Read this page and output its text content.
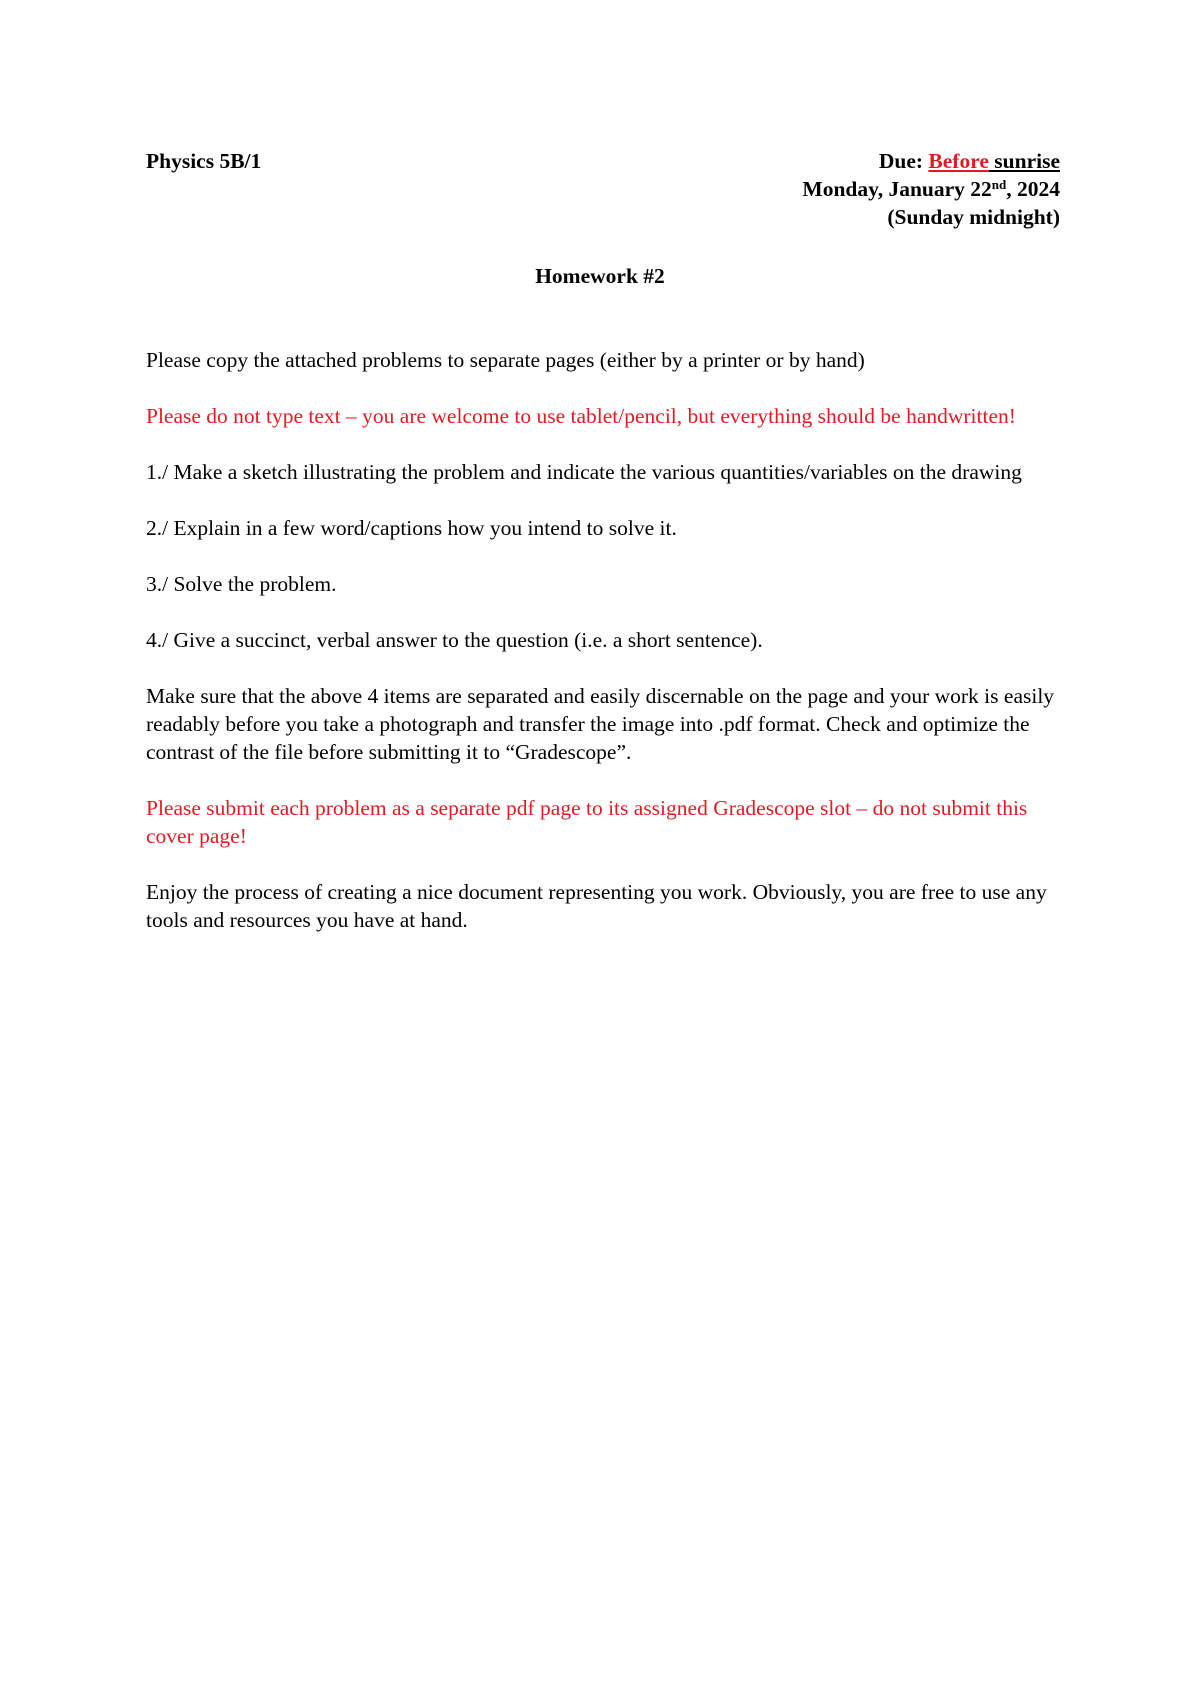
Physics 5B/1	Due: Before sunrise
Monday, January 22nd, 2024
(Sunday midnight)
Homework #2

Please copy the attached problems to separate pages (either by a printer or by hand)

Please do not type text – you are welcome to use tablet/pencil, but everything should be handwritten!

1./ Make a sketch illustrating the problem and indicate the various quantities/variables on the drawing

2./ Explain in a few word/captions how you intend to solve it.

3./ Solve the problem.

4./ Give a succinct, verbal answer to the question (i.e. a short sentence).

Make sure that the above 4 items are separated and easily discernable on the page and your work is easily readably before you take a photograph and transfer the image into .pdf format. Check and optimize the contrast of the file before submitting it to “Gradescope”.

Please submit each problem as a separate pdf page to its assigned Gradescope slot – do not submit this cover page!

Enjoy the process of creating a nice document representing you work. Obviously, you are free to use any tools and resources you have at hand.
